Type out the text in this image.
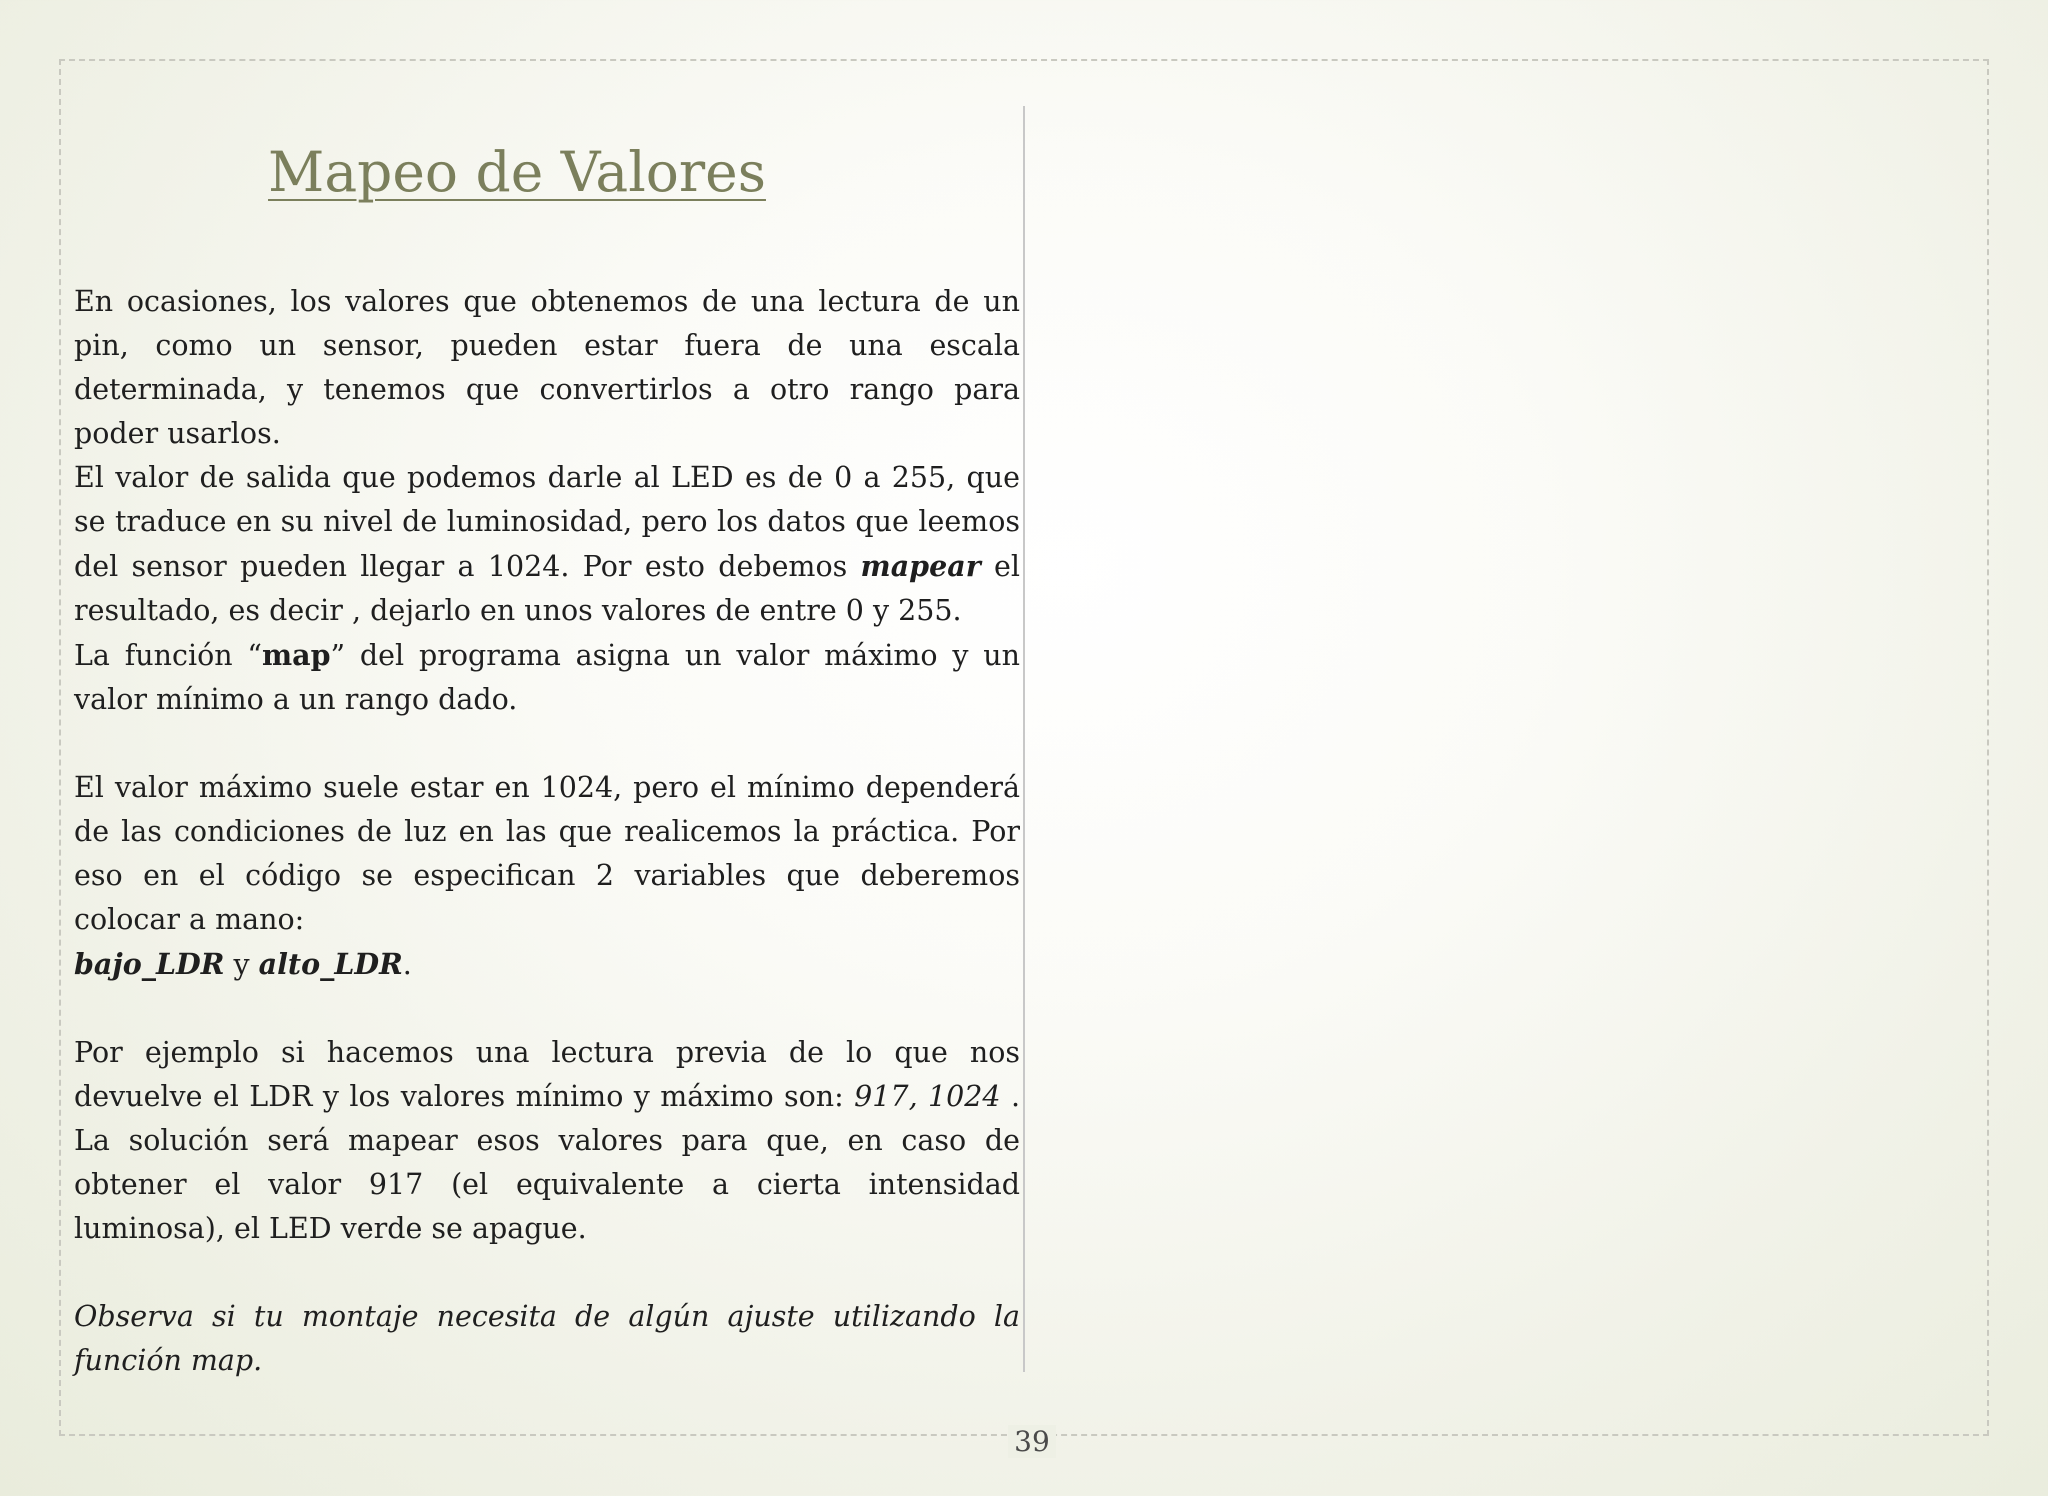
Mapeo de Valores

En ocasiones, los valores que obtenemos de una lectura de un pin, como un sensor, pueden estar fuera de una escala determinada, y tenemos que convertirlos a otro rango para poder usarlos.

El valor de salida que podemos darle al LED es de 0 a 255, que se traduce en su nivel de luminosidad, pero los datos que leemos del sensor pueden llegar a 1024. Por esto debemos mapear el resultado, es decir , dejarlo en unos valores de entre 0 y 255.

La función “map” del programa asigna un valor máximo y un valor mínimo a un rango dado.

El valor máximo suele estar en 1024, pero el mínimo dependerá de las condiciones de luz en las que realicemos la práctica. Por eso en el código se especifican 2 variables que deberemos colocar a mano:

bajo_LDR y alto_LDR.

Por ejemplo si hacemos una lectura previa de lo que nos devuelve el LDR y los valores mínimo y máximo son: 917, 1024 . La solución será mapear esos valores para que, en caso de obtener el valor 917 (el equivalente a cierta intensidad luminosa), el LED verde se apague.

Observa si tu montaje necesita de algún ajuste utilizando la función map.

39
